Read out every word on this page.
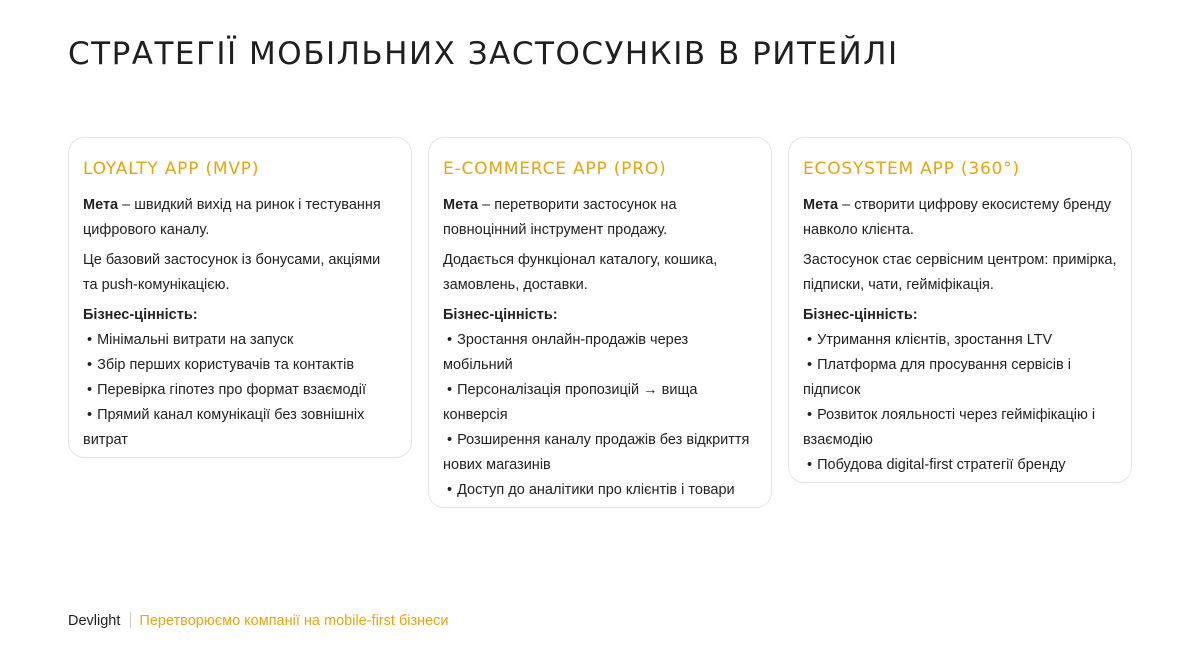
СТРАТЕГІЇ МОБІЛЬНИХ ЗАСТОСУНКІВ В РИТЕЙЛІ
LOYALTY APP (MVP)

Мета – швидкий вихід на ринок і тестування цифрового каналу.

Це базовий застосунок із бонусами, акціями та push-комунікацією.

Бізнес-цінність:

• Мінімальні витрати на запуск
• Збір перших користувачів та контактів
• Перевірка гіпотез про формат взаємодії
• Прямий канал комунікації без зовнішніх витрат
E-COMMERCE APP (PRO)

Мета – перетворити застосунок на повноцінний інструмент продажу.

Додається функціонал каталогу, кошика, замовлень, доставки.

Бізнес-цінність:

• Зростання онлайн-продажів через мобільний
• Персоналізація пропозицій → вища конверсія
• Розширення каналу продажів без відкриття нових магазинів
• Доступ до аналітики про клієнтів і товари
ECOSYSTEM APP (360°)

Мета – створити цифрову екосистему бренду навколо клієнта.

Застосунок стає сервісним центром: примірка, підписки, чати, гейміфікація.

Бізнес-цінність:

• Утримання клієнтів, зростання LTV
• Платформа для просування сервісів і підписок
• Розвиток лояльності через гейміфікацію і взаємодію
• Побудова digital-first стратегії бренду
Devlight Перетворюємо компанії на mobile-first бізнеси
